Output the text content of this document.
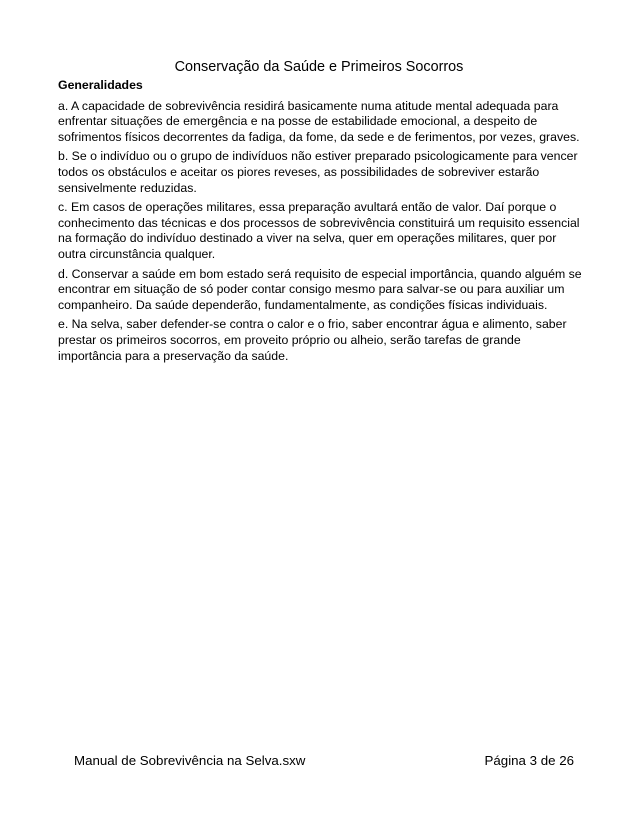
Conservação da Saúde e Primeiros Socorros
Generalidades

a. A capacidade de sobrevivência residirá basicamente numa atitude mental adequada para enfrentar situações de emergência e na posse de estabilidade emocional, a despeito de sofrimentos físicos decorrentes da fadiga, da fome, da sede e de ferimentos, por vezes, graves.

b. Se o indivíduo ou o grupo de indivíduos não estiver preparado psicologicamente para vencer todos os obstáculos e aceitar os piores reveses, as possibilidades de sobreviver estarão sensivelmente reduzidas.

c. Em casos de operações militares, essa preparação avultará então de valor. Daí porque o conhecimento das técnicas e dos processos de sobrevivência constituirá um requisito essencial na formação do indivíduo destinado a viver na selva, quer em operações militares, quer por outra circunstância qualquer.

d. Conservar a saúde em bom estado será requisito de especial importância, quando alguém se encontrar em situação de só poder contar consigo mesmo para salvar-se ou para auxiliar um companheiro. Da saúde dependerão, fundamentalmente, as condições físicas individuais.

e. Na selva, saber defender-se contra o calor e o frio, saber encontrar água e alimento, saber prestar os primeiros socorros, em proveito próprio ou alheio, serão tarefas de grande importância para a preservação da saúde.

Manual de Sobrevivência na Selva.sxw	Página 3 de 26
